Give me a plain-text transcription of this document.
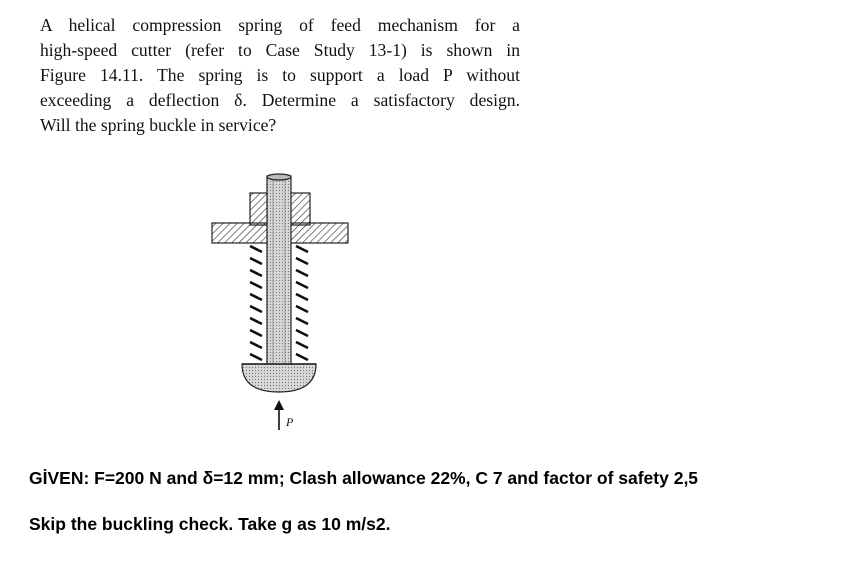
A helical compression spring of feed mechanism for a
high-speed cutter (refer to Case Study 13-1) is shown in
Figure 14.11. The spring is to support a load P without
exceeding a deflection δ. Determine a satisfactory design.
Will the spring buckle in service?
P
GİVEN: F=200 N and δ=12 mm; Clash allowance 22%, C 7 and factor of safety 2,5
Skip the buckling check. Take g as 10 m/s2.
